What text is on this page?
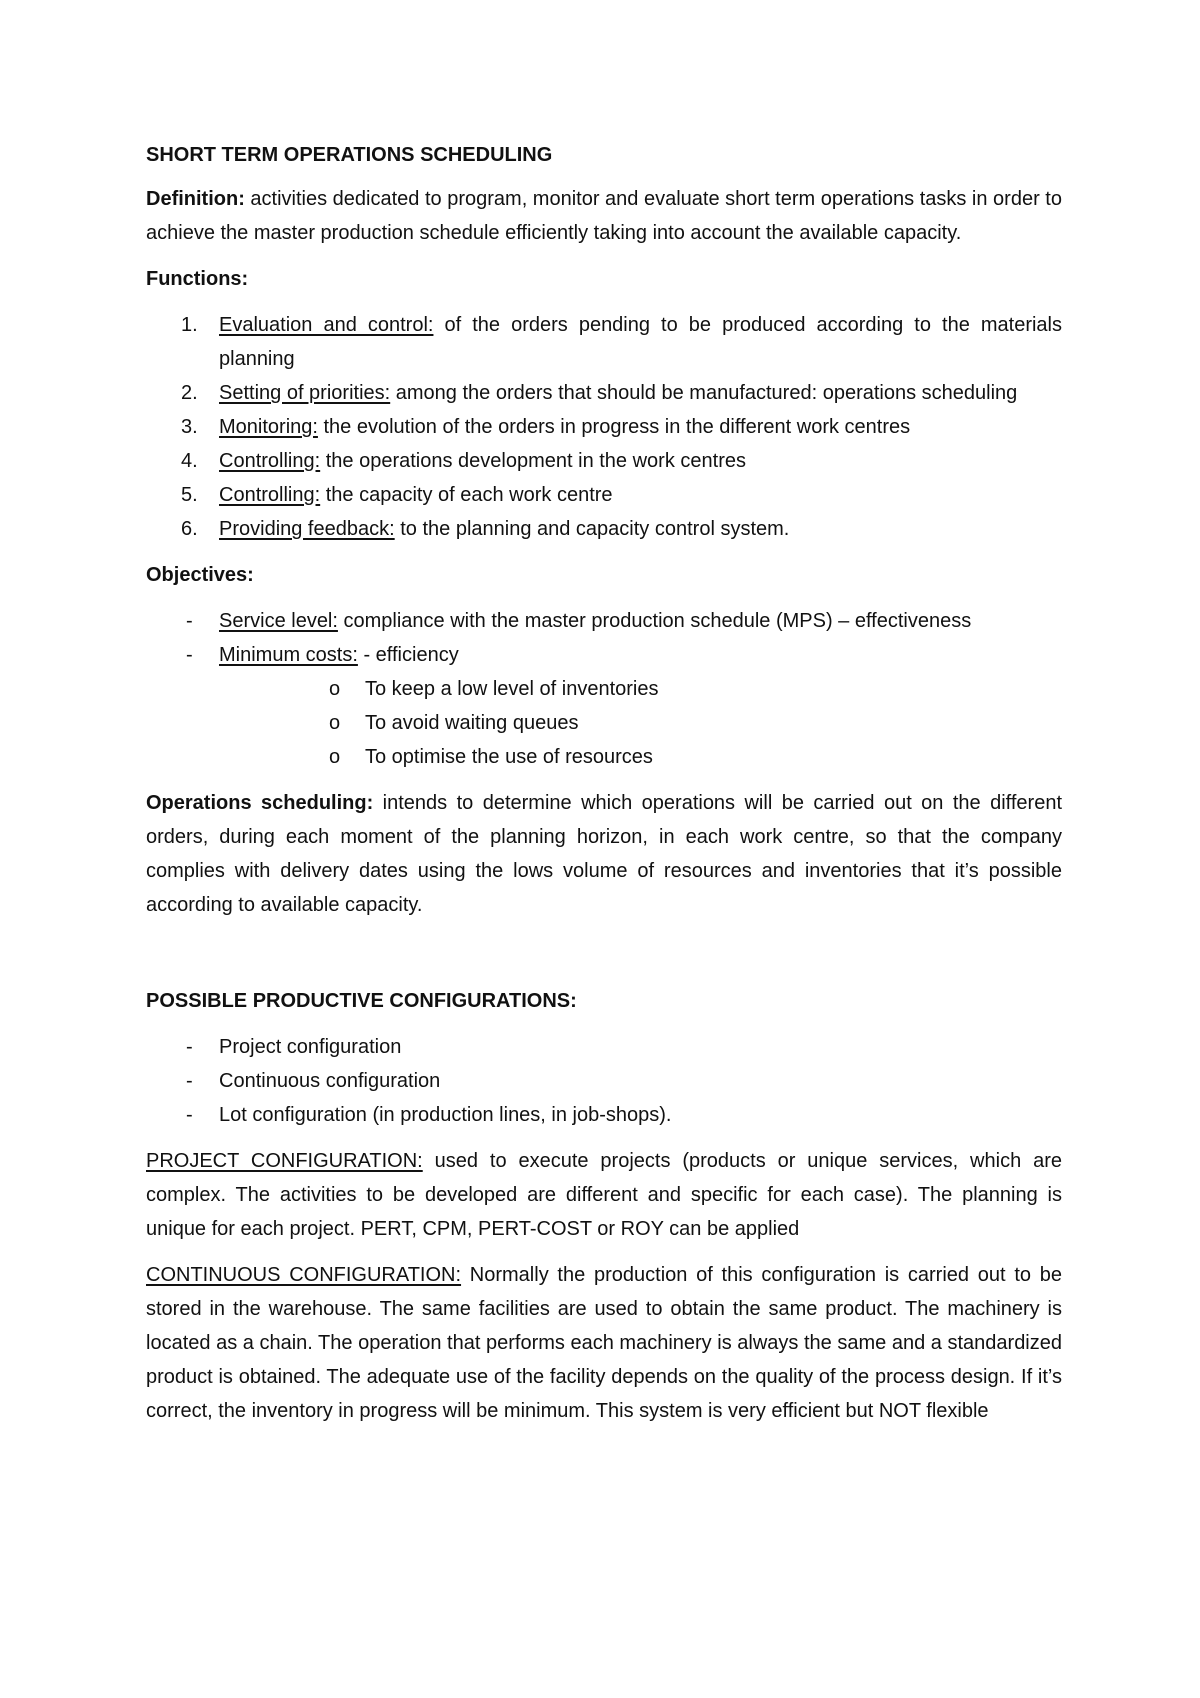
SHORT TERM OPERATIONS SCHEDULING

Definition: activities dedicated to program, monitor and evaluate short term operations tasks in order to achieve the master production schedule efficiently taking into account the available capacity.

Functions:

1. Evaluation and control: of the orders pending to be produced according to the materials planning
2. Setting of priorities: among the orders that should be manufactured: operations scheduling
3. Monitoring: the evolution of the orders in progress in the different work centres
4. Controlling: the operations development in the work centres
5. Controlling: the capacity of each work centre
6. Providing feedback: to the planning and capacity control system.

Objectives:

- Service level: compliance with the master production schedule (MPS) – effectiveness
- Minimum costs: - efficiency
o To keep a low level of inventories
o To avoid waiting queues
o To optimise the use of resources

Operations scheduling: intends to determine which operations will be carried out on the different orders, during each moment of the planning horizon, in each work centre, so that the company complies with delivery dates using the lows volume of resources and inventories that it’s possible according to available capacity.

POSSIBLE PRODUCTIVE CONFIGURATIONS:

- Project configuration
- Continuous configuration
- Lot configuration (in production lines, in job-shops).

PROJECT CONFIGURATION: used to execute projects (products or unique services, which are complex. The activities to be developed are different and specific for each case). The planning is unique for each project. PERT, CPM, PERT-COST or ROY can be applied

CONTINUOUS CONFIGURATION: Normally the production of this configuration is carried out to be stored in the warehouse. The same facilities are used to obtain the same product. The machinery is located as a chain. The operation that performs each machinery is always the same and a standardized product is obtained. The adequate use of the facility depends on the quality of the process design. If it’s correct, the inventory in progress will be minimum. This system is very efficient but NOT flexible
